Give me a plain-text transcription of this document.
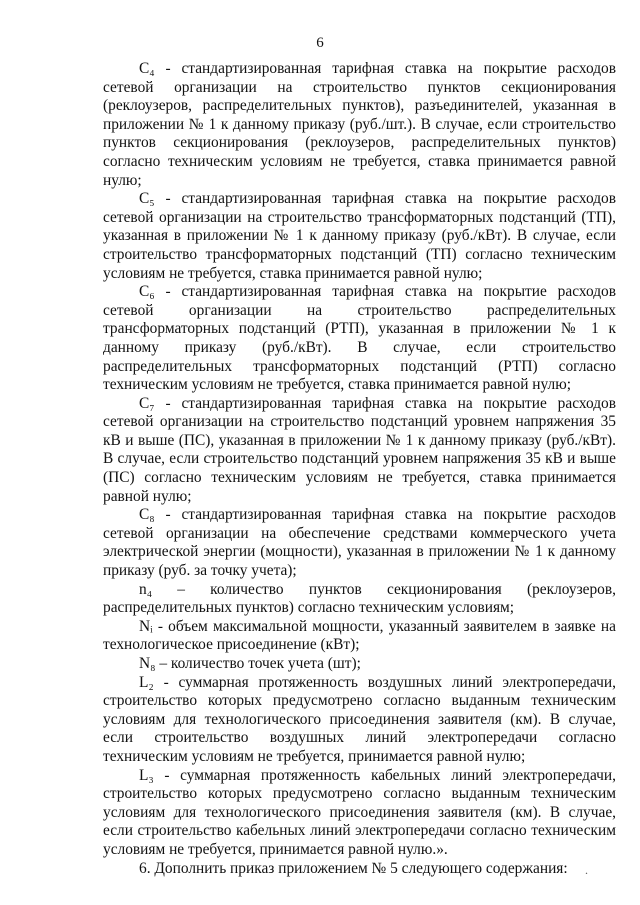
6

C₄ - стандартизированная тарифная ставка на покрытие расходов сетевой организации на строительство пунктов секционирования (реклоузеров, распределительных пунктов), разъединителей, указанная в приложении № 1 к данному приказу (руб./шт.). В случае, если строительство пунктов секционирования (реклоузеров, распределительных пунктов) согласно техническим условиям не требуется, ставка принимается равной нулю;

C₅ - стандартизированная тарифная ставка на покрытие расходов сетевой организации на строительство трансформаторных подстанций (ТП), указанная в приложении № 1 к данному приказу (руб./кВт). В случае, если строительство трансформаторных подстанций (ТП) согласно техническим условиям не требуется, ставка принимается равной нулю;

C₆ - стандартизированная тарифная ставка на покрытие расходов сетевой организации на строительство распределительных трансформаторных подстанций (РТП), указанная в приложении № 1 к данному приказу (руб./кВт). В случае, если строительство распределительных трансформаторных подстанций (РТП) согласно техническим условиям не требуется, ставка принимается равной нулю;

C₇ - стандартизированная тарифная ставка на покрытие расходов сетевой организации на строительство подстанций уровнем напряжения 35 кВ и выше (ПС), указанная в приложении № 1 к данному приказу (руб./кВт). В случае, если строительство подстанций уровнем напряжения 35 кВ и выше (ПС) согласно техническим условиям не требуется, ставка принимается равной нулю;

C₈ - стандартизированная тарифная ставка на покрытие расходов сетевой организации на обеспечение средствами коммерческого учета электрической энергии (мощности), указанная в приложении № 1 к данному приказу (руб. за точку учета);

n₄ – количество пунктов секционирования (реклоузеров, распределительных пунктов) согласно техническим условиям;

Nᵢ - объем максимальной мощности, указанный заявителем в заявке на технологическое присоединение (кВт);

N₈ – количество точек учета (шт);

L₂ - суммарная протяженность воздушных линий электропередачи, строительство которых предусмотрено согласно выданным техническим условиям для технологического присоединения заявителя (км). В случае, если строительство воздушных линий электропередачи согласно техническим условиям не требуется, принимается равной нулю;

L₃ - суммарная протяженность кабельных линий электропередачи, строительство которых предусмотрено согласно выданным техническим условиям для технологического присоединения заявителя (км). В случае, если строительство кабельных линий электропередачи согласно техническим условиям не требуется, принимается равной нулю.».

6. Дополнить приказ приложением № 5 следующего содержания:	.
